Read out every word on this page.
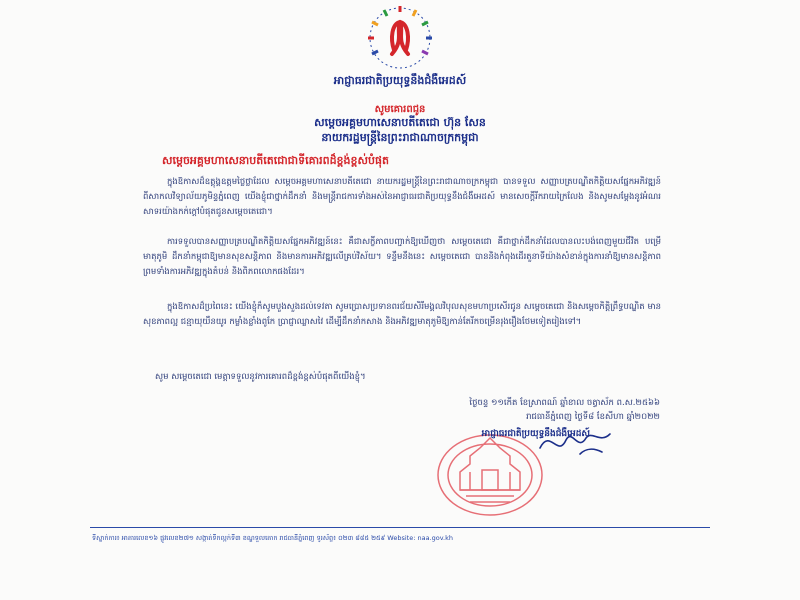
អាជ្ញាធរជាតិប្រយុទ្ធនឹងជំងឺអេដស៍
សូមគោរពជូន
សម្តេចអគ្គមហាសេនាបតីតេជោ ហ៊ុន សែន
នាយករដ្ឋមន្ត្រីនៃព្រះរាជាណាចក្រកម្ពុជា
សម្តេចអគ្គមហាសេនាបតីតេជោជាទីគោរពដ៏ខ្ពង់ខ្ពស់បំផុត
ក្នុងឱកាសដ៏ឧត្តុង្គឧត្តមថ្លៃថ្លាដែល សម្តេចអគ្គមហាសេនាបតីតេជោ នាយករដ្ឋមន្ត្រីនៃព្រះរាជាណាចក្រកម្ពុជា បានទទួល សញ្ញាបត្របណ្ឌិតកិត្តិយសផ្នែកអភិវឌ្ឍន៍ ពីសាកលវិទ្យាល័យភូមិន្ទភ្នំពេញ យើងខ្ញុំជាថ្នាក់ដឹកនាំ និងមន្ត្រីរាជការទាំងអស់នៃអាជ្ញាធរជាតិប្រយុទ្ធនឹងជំងឺអេដស៍ មានសេចក្តីរីករាយក្រៃលែង និងសូមសម្តែងនូវអំណរសាទរយ៉ាងកក់ក្តៅបំផុតជូនសម្តេចតេជោ។
ការទទួលបានសញ្ញាបត្របណ្ឌិតកិត្តិយសផ្នែកអភិវឌ្ឍន៍នេះ គឺជាសក្ខីភាពបញ្ជាក់ឱ្យឃើញថា សម្តេចតេជោ គឺជាថ្នាក់ដឹកនាំដែលបានលះបង់ពេញមួយជីវិត បម្រើមាតុភូមិ ដឹកនាំកម្ពុជាឱ្យមានសុខសន្តិភាព និងមានការអភិវឌ្ឍលើគ្រប់វិស័យ។ ទន្ទឹមនឹងនេះ សម្តេចតេជោ បាននិងកំពុងដើរតួនាទីយ៉ាងសំខាន់ក្នុងការនាំឱ្យមានសន្តិភាពព្រមទាំងការអភិវឌ្ឍក្នុងតំបន់ និងពិភពលោកផងដែរ។
ក្នុងឱកាសដ៏ប្រពៃនេះ យើងខ្ញុំក៏សូមបួងសួងដល់ទេវតា សូមប្រោសប្រទានពរជ័យសិរីមង្គលវិបុលសុខមហាប្រសើរជូន សម្តេចតេជោ និងសម្តេចកិត្តិព្រឹទ្ធបណ្ឌិត មានសុខភាពល្អ ជន្មាយុយឺនយូរ កម្លាំងខ្លាំងពូកែ ប្រាជ្ញាឈ្លាសវៃ ដើម្បីដឹកនាំកសាង និងអភិវឌ្ឍមាតុភូមិឱ្យកាន់តែរីកចម្រើនរុងរឿងថែមទៀតរៀងទៅ។
សូម សម្តេចតេជោ មេត្តាទទួលនូវការគោរពដ៏ខ្ពង់ខ្ពស់បំផុតពីយើងខ្ញុំ។
ថ្ងៃចន្ទ ១១កើត ខែស្រាពណ៍ ឆ្នាំខាល ចត្វាស័ក ព.ស.២៥៦៦
រាជធានីភ្នំពេញ ថ្ងៃទី៨ ខែសីហា ឆ្នាំ២០២២
អាជ្ញាធរជាតិប្រយុទ្ធនឹងជំងឺអេដស៍
ទីស្នាក់ការ៖ អាគារលេខ១៦ ផ្លូវលេខ២៧១ សង្កាត់ទឹកល្អក់ទី៣ ខណ្ឌទួលគោក រាជធានីភ្នំពេញ ទូរស័ព្ទ៖ ០២៣ ៨៨៥ ២៥៩ Website: naa.gov.kh
